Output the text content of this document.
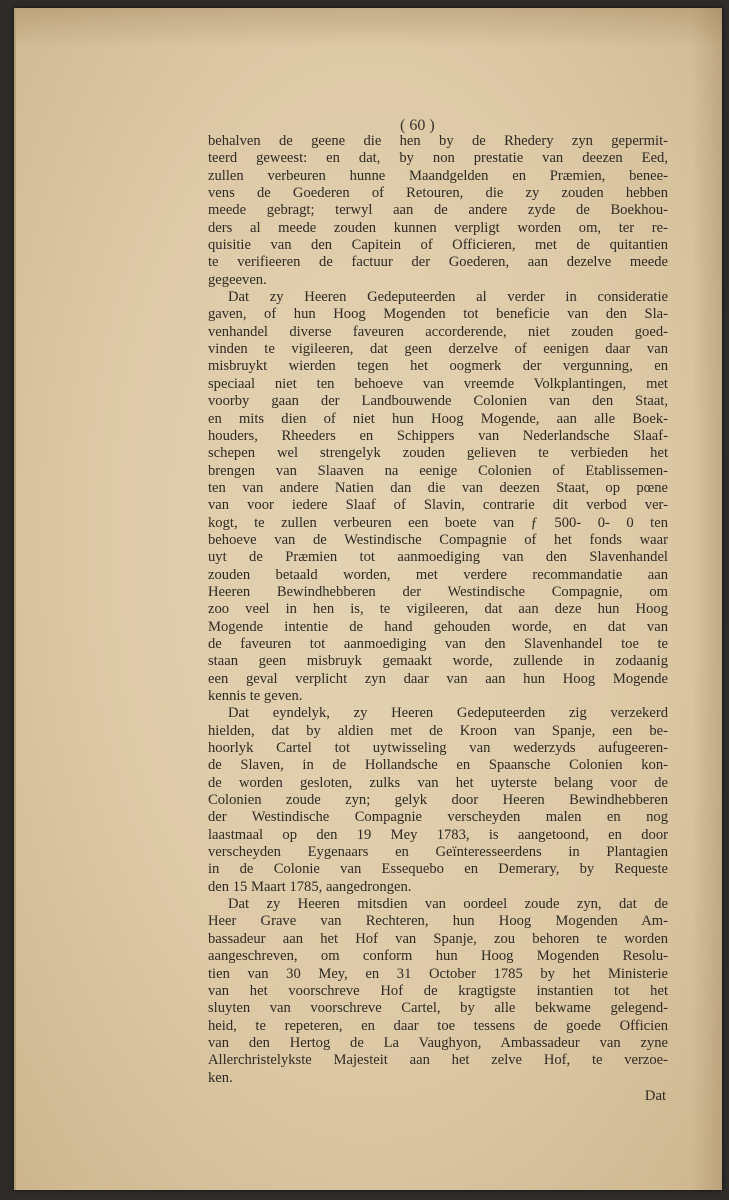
( 60 )
behalven de geene die hen by de Rhedery zyn gepermit-
teerd geweest: en dat, by non prestatie van deezen Eed,
zullen verbeuren hunne Maandgelden en Præmien, benee-
vens de Goederen of Retouren, die zy zouden hebben
meede gebragt; terwyl aan de andere zyde de Boekhou-
ders al meede zouden kunnen verpligt worden om, ter re-
quisitie van den Capitein of Officieren, met de quitantien
te verifieeren de factuur der Goederen, aan dezelve meede
gegeeven.
Dat zy Heeren Gedeputeerden al verder in consideratie
gaven, of hun Hoog Mogenden tot beneficie van den Sla-
venhandel diverse faveuren accorderende, niet zouden goed-
vinden te vigileeren, dat geen derzelve of eenigen daar van
misbruykt wierden tegen het oogmerk der vergunning, en
speciaal niet ten behoeve van vreemde Volkplantingen, met
voorby gaan der Landbouwende Colonien van den Staat,
en mits dien of niet hun Hoog Mogende, aan alle Boek-
houders, Rheeders en Schippers van Nederlandsche Slaaf-
schepen wel strengelyk zouden gelieven te verbieden het
brengen van Slaaven na eenige Colonien of Etablissemen-
ten van andere Natien dan die van deezen Staat, op pœne
van voor iedere Slaaf of Slavin, contrarie dit verbod ver-
kogt, te zullen verbeuren een boete van ƒ 500- 0- 0 ten
behoeve van de Westindische Compagnie of het fonds waar
uyt de Præmien tot aanmoediging van den Slavenhandel
zouden betaald worden, met verdere recommandatie aan
Heeren Bewindhebberen der Westindische Compagnie, om
zoo veel in hen is, te vigileeren, dat aan deze hun Hoog
Mogende intentie de hand gehouden worde, en dat van
de faveuren tot aanmoediging van den Slavenhandel toe te
staan geen misbruyk gemaakt worde, zullende in zodaanig
een geval verplicht zyn daar van aan hun Hoog Mogende
kennis te geven.
Dat eyndelyk, zy Heeren Gedeputeerden zig verzekerd
hielden, dat by aldien met de Kroon van Spanje, een be-
hoorlyk Cartel tot uytwisseling van wederzyds aufugeeren-
de Slaven, in de Hollandsche en Spaansche Colonien kon-
de worden gesloten, zulks van het uyterste belang voor de
Colonien zoude zyn; gelyk door Heeren Bewindhebberen
der Westindische Compagnie verscheyden malen en nog
laastmaal op den 19 Mey 1783, is aangetoond, en door
verscheyden Eygenaars en Geïnteresseerdens in Plantagien
in de Colonie van Essequebo en Demerary, by Requeste
den 15 Maart 1785, aangedrongen.
Dat zy Heeren mitsdien van oordeel zoude zyn, dat de
Heer Grave van Rechteren, hun Hoog Mogenden Am-
bassadeur aan het Hof van Spanje, zou behoren te worden
aangeschreven, om conform hun Hoog Mogenden Resolu-
tien van 30 Mey, en 31 October 1785 by het Ministerie
van het voorschreve Hof de kragtigste instantien tot het
sluyten van voorschreve Cartel, by alle bekwame gelegend-
heid, te repeteren, en daar toe tessens de goede Officien
van den Hertog de La Vaughyon, Ambassadeur van zyne
Allerchristelykste Majesteit aan het zelve Hof, te verzoe-
ken.
Dat
